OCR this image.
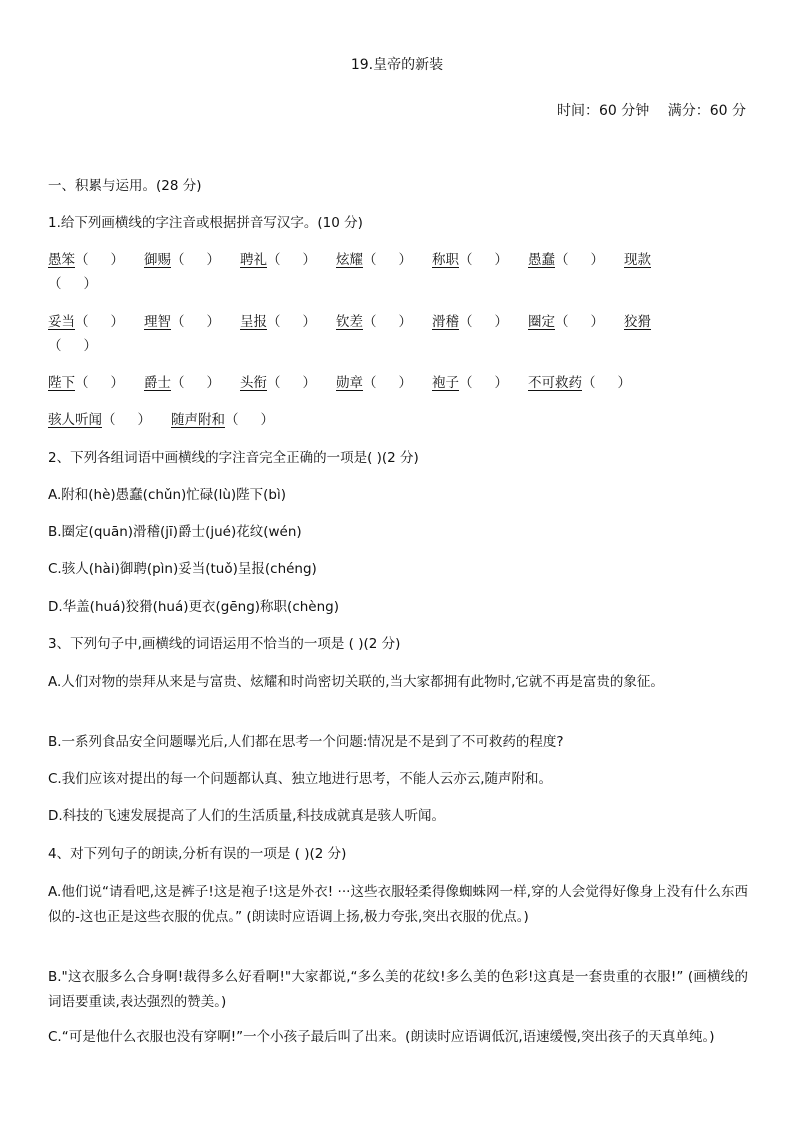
19.皇帝的新装
时间：60 分钟 满分：60 分
一、积累与运用。(28 分)
1.给下列画横线的字注音或根据拼音写汉字。(10 分)
愚笨（ ） 御赐（ ） 聘礼（ ） 炫耀（ ） 称职（ ） 愚蠢（ ） 现款
（ ）
妥当（ ） 理智（ ） 呈报（ ） 钦差（ ） 滑稽（ ） 圈定（ ） 狡猾
（ ）
陛下（ ） 爵士（ ） 头衔（ ） 勋章（ ） 袍子（ ） 不可救药（ ）
骇人听闻（ ） 随声附和（ ）
2、下列各组词语中画横线的字注音完全正确的一项是( )(2 分)
A.附和(hè)愚蠢(chǔn)忙碌(lù)陛下(bì)
B.圈定(quān)滑稽(jī)爵士(jué)花纹(wén)
C.骇人(hài)御聘(pìn)妥当(tuǒ)呈报(chéng)
D.华盖(huá)狡猾(huá)更衣(gēng)称职(chèng)
3、下列句子中,画横线的词语运用不恰当的一项是 ( )(2 分)
A.人们对物的崇拜从来是与富贵、炫耀和时尚密切关联的,当大家都拥有此物时,它就不再是富贵的象征。
B.一系列食品安全问题曝光后,人们都在思考一个问题:情况是不是到了不可救药的程度?
C.我们应该对提出的每一个问题都认真、独立地进行思考，不能人云亦云,随声附和。
D.科技的飞速发展提高了人们的生活质量,科技成就真是骇人听闻。
4、对下列句子的朗读,分析有误的一项是 ( )(2 分)
A.他们说“请看吧,这是裤子!这是袍子!这是外衣! ···这些衣服轻柔得像蜘蛛网一样,穿的人会觉得好像身上没有什么东西似的-这也正是这些衣服的优点。” (朗读时应语调上扬,极力夸张,突出衣服的优点。)
B."这衣服多么合身啊!裁得多么好看啊!"大家都说,“多么美的花纹!多么美的色彩!这真是一套贵重的衣服!” (画横线的词语要重读,表达强烈的赞美。)
C.“可是他什么衣服也没有穿啊!”一个小孩子最后叫了出来。(朗读时应语调低沉,语速缓慢,突出孩子的天真单纯。)
